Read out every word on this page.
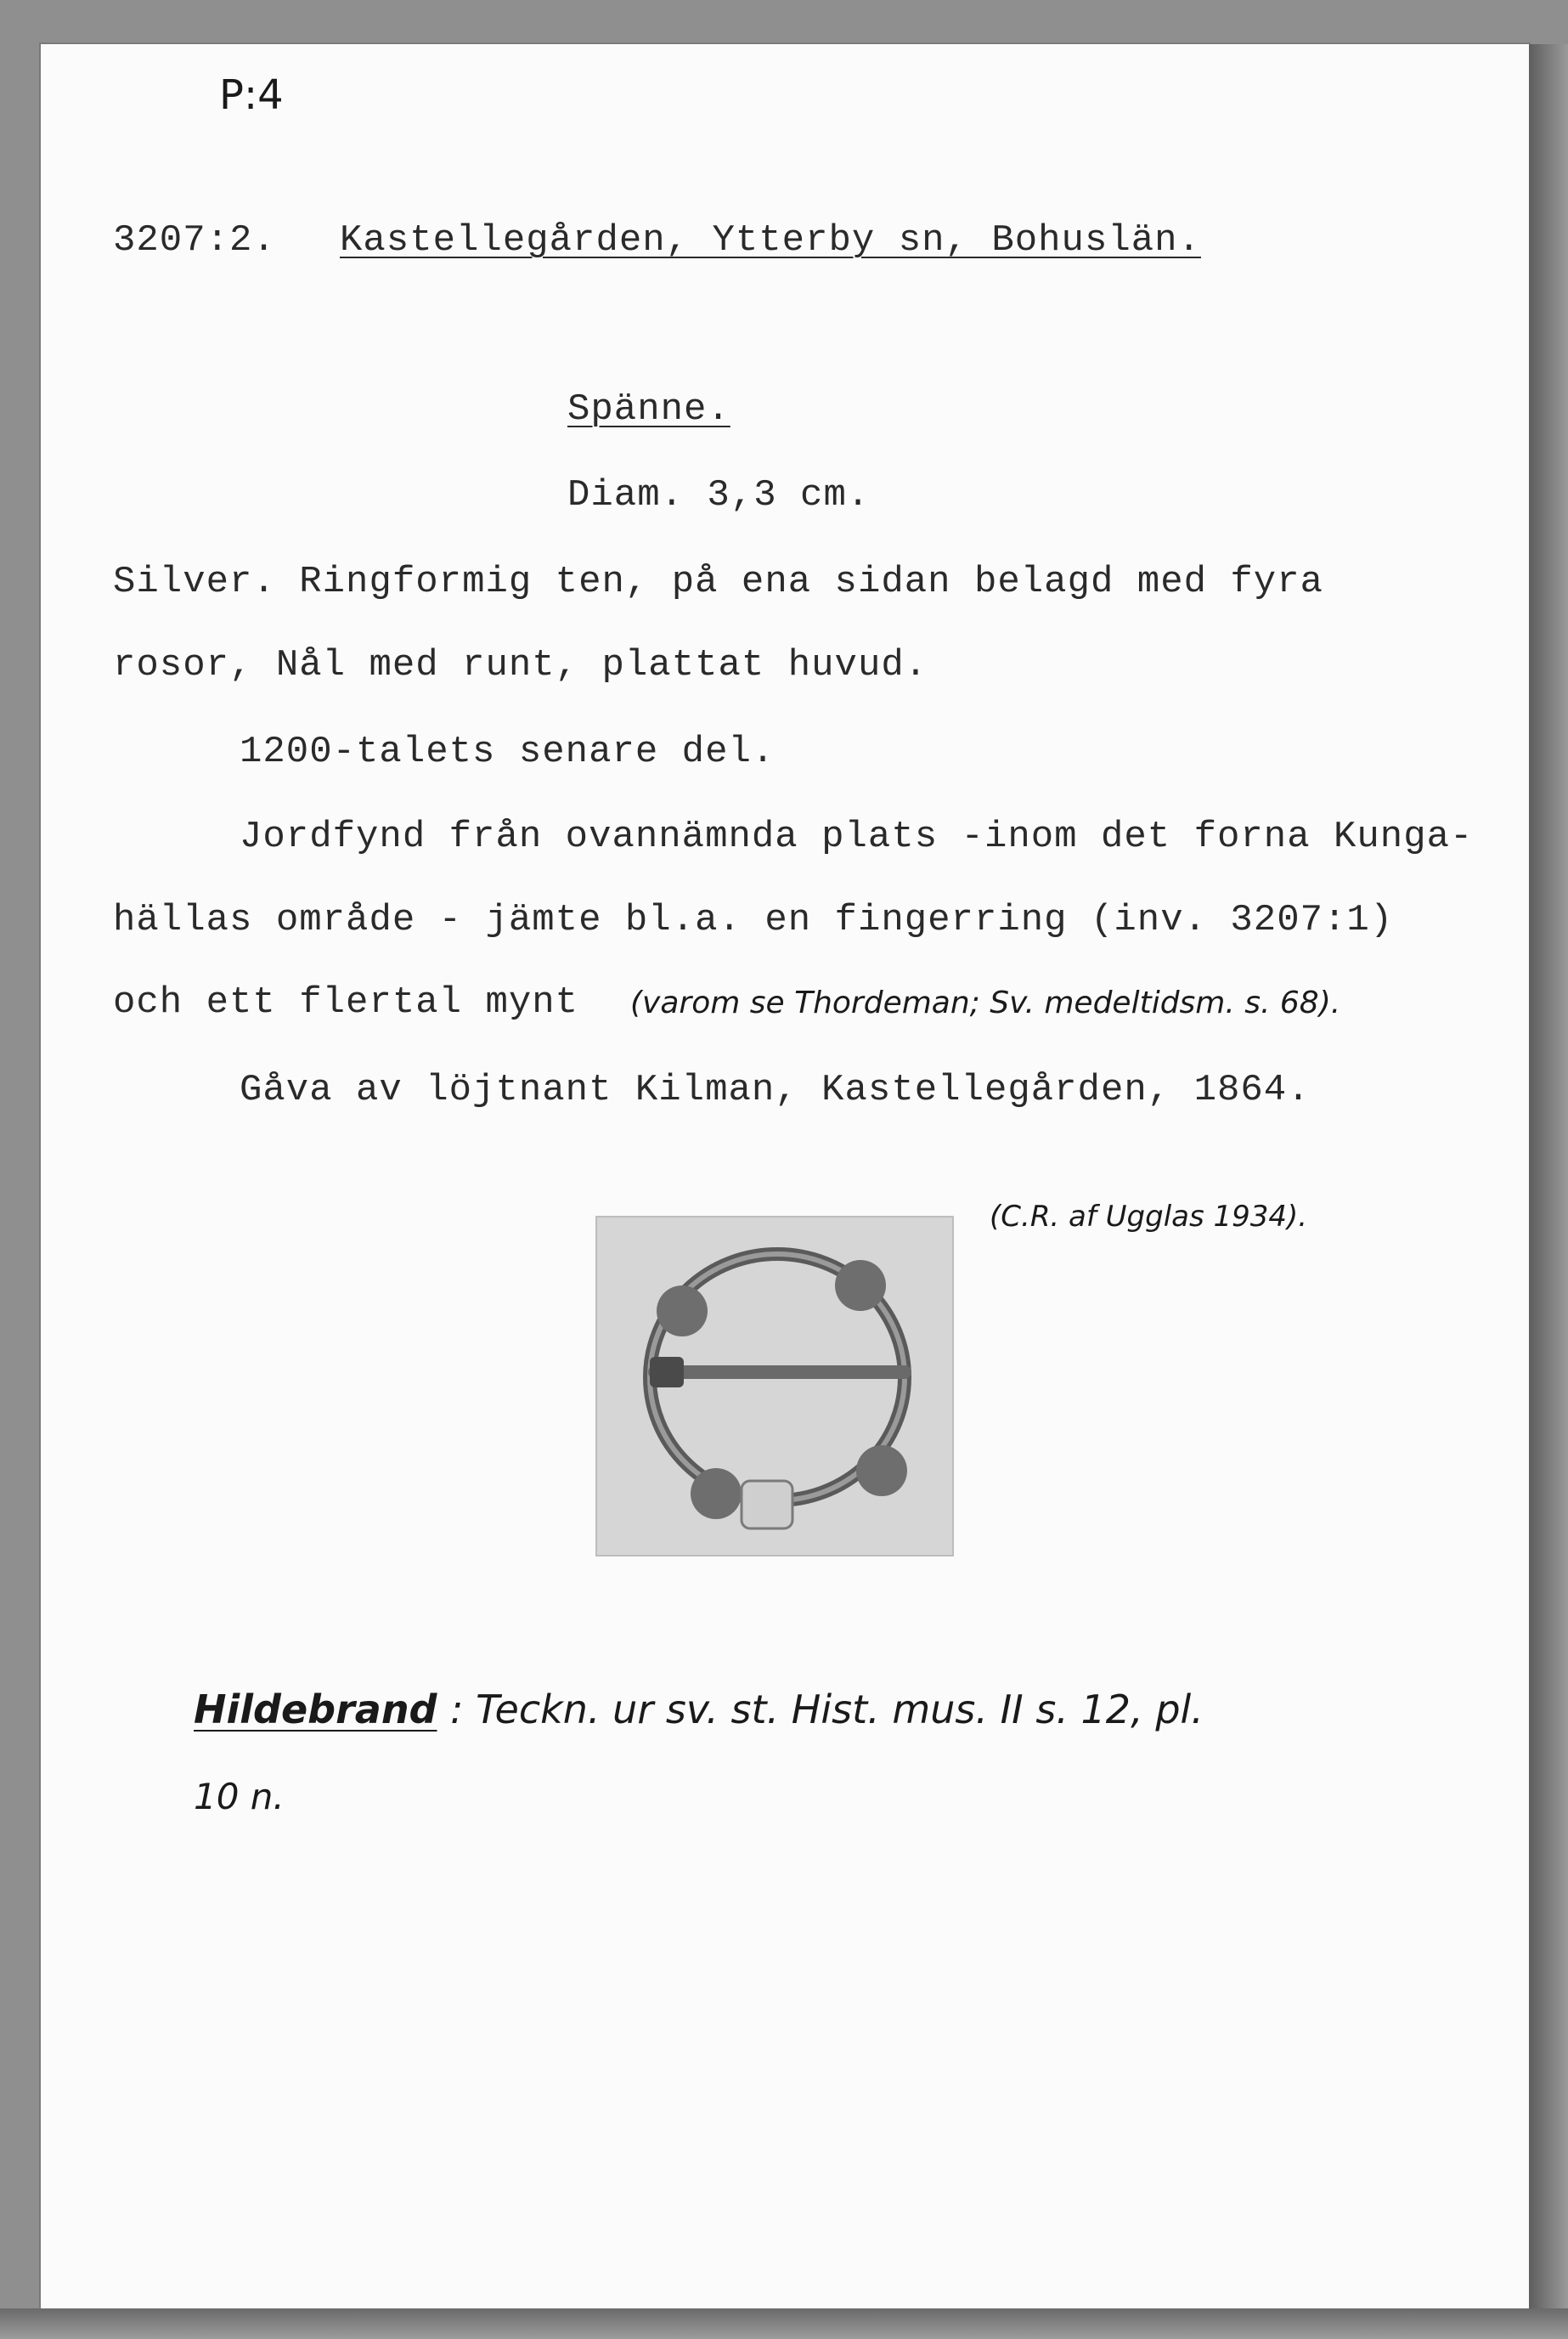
P:4
3207:2. Kastellegården, Ytterby sn, Bohuslän.
Spänne.
Diam. 3,3 cm.
Silver. Ringformig ten, på ena sidan belagd med fyra
rosor, Nål med runt, plattat huvud.
1200-talets senare del.
Jordfynd från ovannämnda plats -inom det forna Kunga-
hällas område - jämte bl.a. en fingerring (inv. 3207:1)
och ett flertal mynt (varom se Thordeman; Sv. medeltidsm. s. 68).
Gåva av löjtnant Kilman, Kastellegården, 1864.
(C.R. af Ugglas 1934).
Hildebrand : Teckn. ur sv. st. Hist. mus. II s. 12, pl.
10 n.
